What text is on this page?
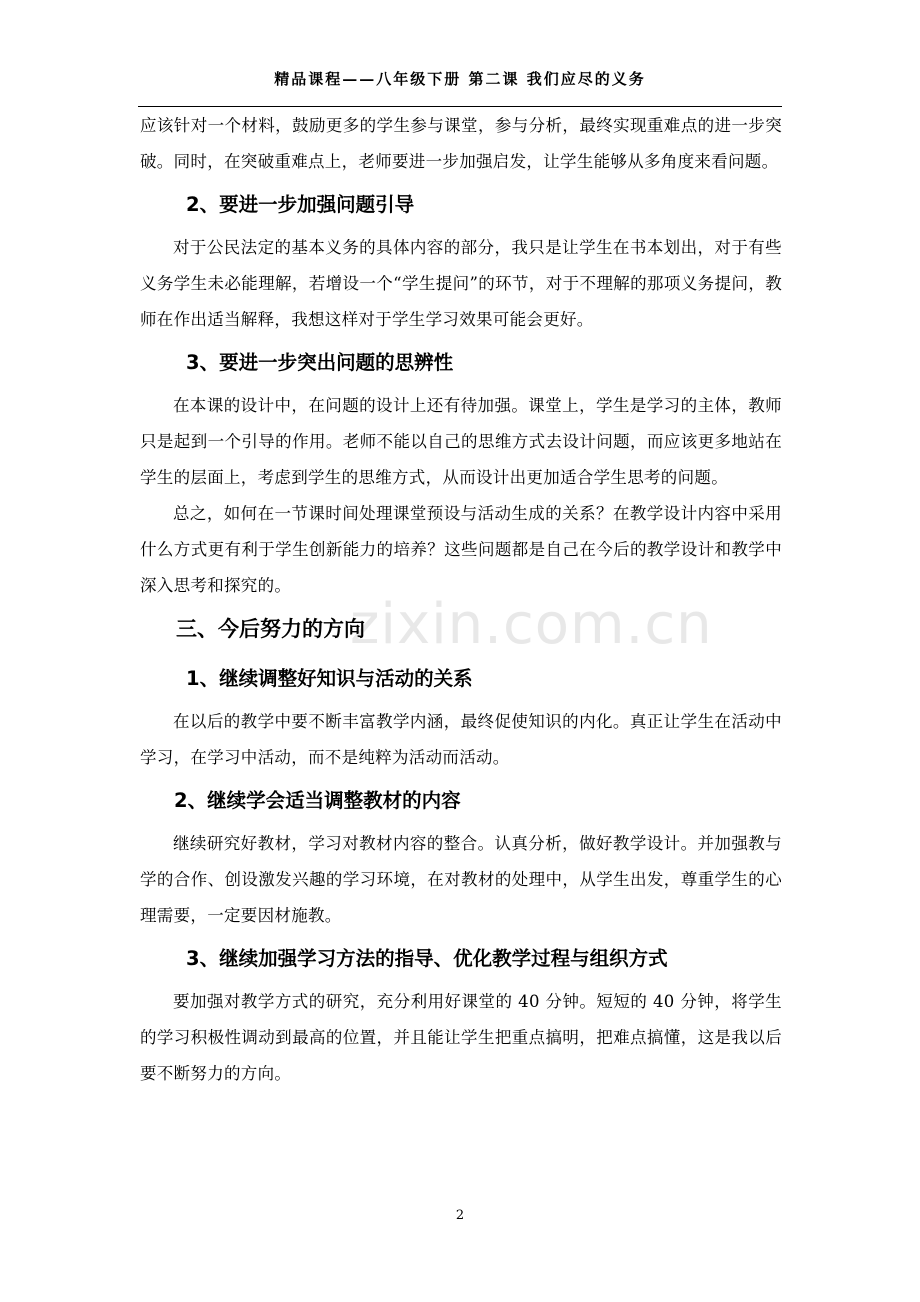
精品课程——八年级下册 第二课 我们应尽的义务
zixin.com.cn

应该针对一个材料，鼓励更多的学生参与课堂，参与分析，最终实现重难点的进一步突破。同时，在突破重难点上，老师要进一步加强启发，让学生能够从多角度来看问题。

2、要进一步加强问题引导

对于公民法定的基本义务的具体内容的部分，我只是让学生在书本划出，对于有些义务学生未必能理解，若增设一个“学生提问”的环节，对于不理解的那项义务提问，教师在作出适当解释，我想这样对于学生学习效果可能会更好。

3、要进一步突出问题的思辨性

在本课的设计中，在问题的设计上还有待加强。课堂上，学生是学习的主体，教师只是起到一个引导的作用。老师不能以自己的思维方式去设计问题，而应该更多地站在学生的层面上，考虑到学生的思维方式，从而设计出更加适合学生思考的问题。

总之，如何在一节课时间处理课堂预设与活动生成的关系？在教学设计内容中采用什么方式更有利于学生创新能力的培养？这些问题都是自己在今后的教学设计和教学中深入思考和探究的。

三、今后努力的方向
1、继续调整好知识与活动的关系

在以后的教学中要不断丰富教学内涵，最终促使知识的内化。真正让学生在活动中学习，在学习中活动，而不是纯粹为活动而活动。

2、继续学会适当调整教材的内容

继续研究好教材，学习对教材内容的整合。认真分析，做好教学设计。并加强教与学的合作、创设激发兴趣的学习环境，在对教材的处理中，从学生出发，尊重学生的心理需要，一定要因材施教。

3、继续加强学习方法的指导、优化教学过程与组织方式

要加强对教学方式的研究，充分利用好课堂的 40 分钟。短短的 40 分钟，将学生的学习积极性调动到最高的位置，并且能让学生把重点搞明，把难点搞懂，这是我以后要不断努力的方向。

2
